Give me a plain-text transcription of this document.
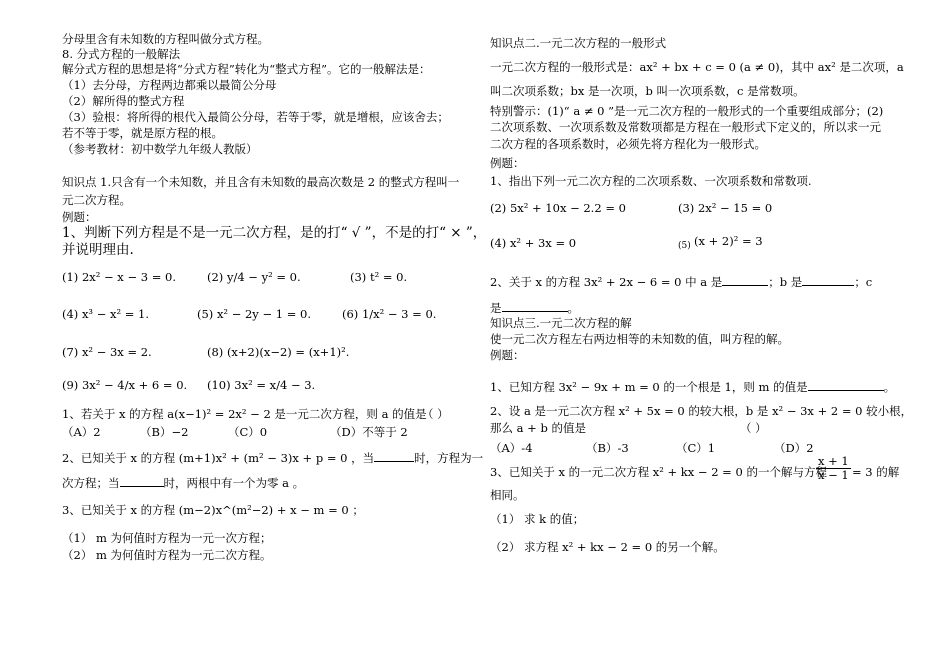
分母里含有未知数的方程叫做分式方程。
8. 分式方程的一般解法
解分式方程的思想是将“分式方程”转化为“整式方程”。它的一般解法是：
（1）去分母，方程两边都乘以最简公分母
（2）解所得的整式方程
（3）验根：将所得的根代入最简公分母，若等于零，就是增根，应该舍去；
若不等于零，就是原方程的根。
（参考教材：初中数学九年级人教版）
知识点 1.只含有一个未知数，并且含有未知数的最高次数是 2 的整式方程叫一
元二次方程。
例题：
1、判断下列方程是不是一元二次方程，是的打“ √ ”，不是的打“ × ”，
并说明理由.
(1) 2x² − x − 3 = 0.	(2) y/4 − y² = 0.	(3) t² = 0.
(4) x³ − x² = 1.	(5) x² − 2y − 1 = 0.	(6) 1/x² − 3 = 0.
(7) x² − 3x = 2.	(8) (x+2)(x−2) = (x+1)².
(9) 3x² − 4/x + 6 = 0. (10) 3x² = x/4 − 3.
1、若关于 x 的方程 a(x−1)² = 2x² − 2 是一元二次方程，则 a 的值是
（ ）
（A）2	（B）−2	（C）0	（D）不等于 2
2、已知关于 x 的方程 (m+1)x² + (m² − 3)x + p = 0 ，当	时，方程为一
次方程；当	时，两根中有一个为零 a 。
3、已知关于 x 的方程 (m−2)x^(m²−2) + x − m = 0 ；
（1） m 为何值时方程为一元一次方程；
（2） m 为何值时方程为一元二次方程。
知识点二.一元二次方程的一般形式
一元二次方程的一般形式是：ax² + bx + c = 0 (a ≠ 0)，其中 ax² 是二次项，a
叫二次项系数；bx 是一次项，b 叫一次项系数，c 是常数项。
特别警示：(1)“ a ≠ 0 ”是一元二次方程的一般形式的一个重要组成部分；(2)
二次项系数、一次项系数及常数项都是方程在一般形式下定义的，所以求一元
二次方程的各项系数时，必须先将方程化为一般形式。
例题：
1、指出下列一元二次方程的二次项系数、一次项系数和常数项.
(2) 5x² + 10x − 2.2 = 0	(3) 2x² − 15 = 0
(4) x² + 3x = 0	(5) (x + 2)² = 3
2、关于 x 的方程 3x² + 2x − 6 = 0 中 a 是	；b 是	；c
是	。
知识点三.一元二次方程的解
使一元二次方程左右两边相等的未知数的值，叫方程的解。
例题：
1、已知方程 3x² − 9x + m = 0 的一个根是 1，则 m 的值是	。
2、设 a 是一元二次方程 x² + 5x = 0 的较大根，b 是 x² − 3x + 2 = 0 较小根，
那么 a + b 的值是	（ ）
（A）-4	（B）-3	（C）1	（D）2
3、已知关于 x 的一元二次方程 x² + kx − 2 = 0 的一个解与方程
$\frac{x + 1}{x - 1} = 3$ 的解
相同。
（1） 求 k 的值；
（2） 求方程 x² + kx − 2 = 0 的另一个解。
